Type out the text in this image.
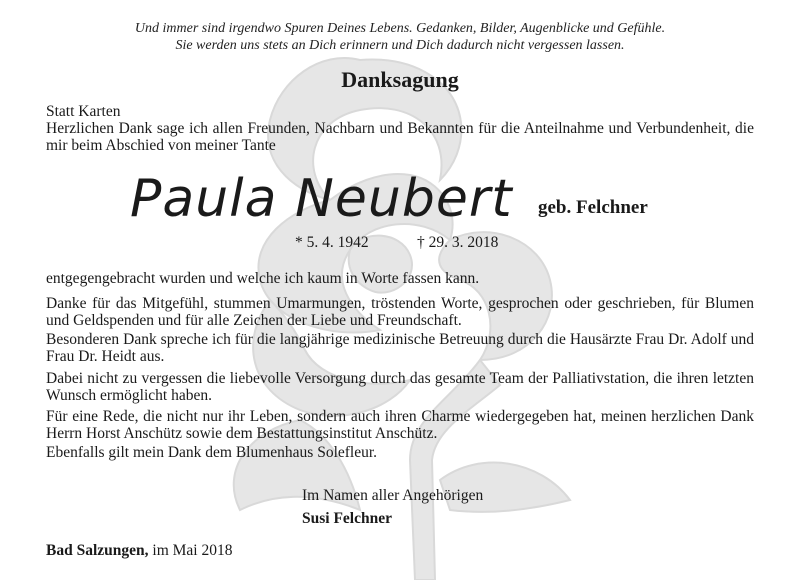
Und immer sind irgendwo Spuren Deines Lebens. Gedanken, Bilder, Augenblicke und Gefühle.
Sie werden uns stets an Dich erinnern und Dich dadurch nicht vergessen lassen.
Danksagung
Statt Karten
Herzlichen Dank sage ich allen Freunden, Nachbarn und Bekannten für die Anteilnahme und Verbundenheit, die mir beim Abschied von meiner Tante
Paula Neubert geb. Felchner
* 5. 4. 1942	† 29. 3. 2018
entgegengebracht wurden und welche ich kaum in Worte fassen kann.
Danke für das Mitgefühl, stummen Umarmungen, tröstenden Worte, gesprochen oder geschrieben, für Blumen und Geldspenden und für alle Zeichen der Liebe und Freundschaft.
Besonderen Dank spreche ich für die langjährige medizinische Betreuung durch die Hausärzte Frau Dr. Adolf und Frau Dr. Heidt aus.
Dabei nicht zu vergessen die liebevolle Versorgung durch das gesamte Team der Palliativstation, die ihren letzten Wunsch ermöglicht haben.
Für eine Rede, die nicht nur ihr Leben, sondern auch ihren Charme wiedergegeben hat, meinen herzlichen Dank Herrn Horst Anschütz sowie dem Bestattungsinstitut Anschütz.
Ebenfalls gilt mein Dank dem Blumenhaus Solefleur.
Im Namen aller Angehörigen
Susi Felchner
Bad Salzungen, im Mai 2018
